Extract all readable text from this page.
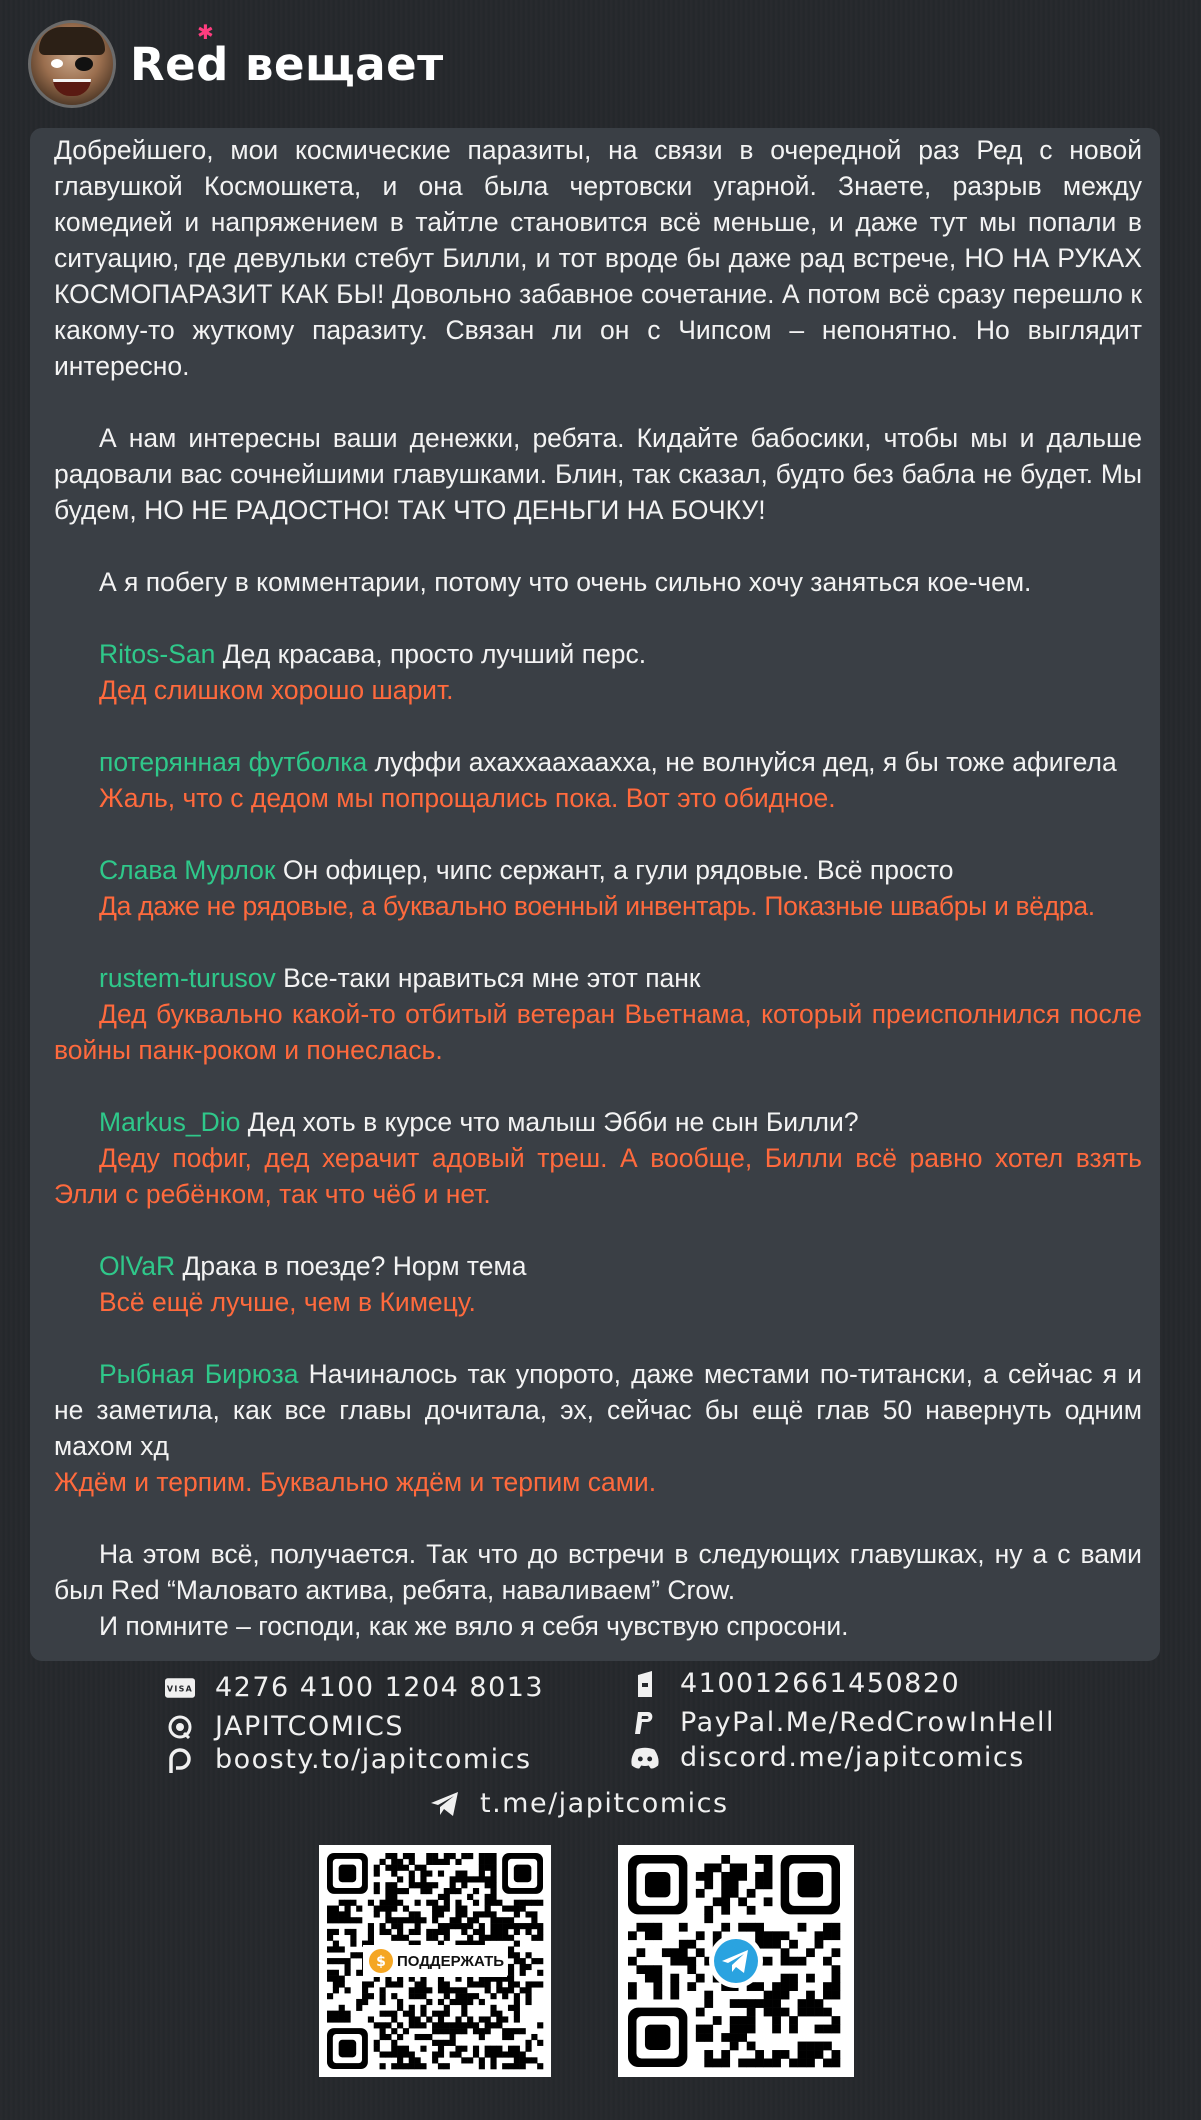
Red вещает
✱

Добрейшего, мои космические паразиты, на связи в очередной раз Ред с новой главушкой Космошкета, и она была чертовски угарной. Знаете, разрыв между комедией и напряжением в тайтле становится всё меньше, и даже тут мы попали в ситуацию, где девульки стебут Билли, и тот вроде бы даже рад встрече, НО НА РУКАХ КОСМОПАРАЗИТ КАК БЫ! Довольно забавное сочетание. А потом всё сразу перешло к какому-то жуткому паразиту. Связан ли он с Чипсом – непонятно. Но выглядит интересно.

А нам интересны ваши денежки, ребята. Кидайте бабосики, чтобы мы и дальше радовали вас сочнейшими главушками. Блин, так сказал, будто без бабла не будет. Мы будем, НО НЕ РАДОСТНО! ТАК ЧТО ДЕНЬГИ НА БОЧКУ!

А я побегу в комментарии, потому что очень сильно хочу заняться кое-чем.

Ritos-San Дед красава, просто лучший перс.

Дед слишком хорошо шарит.

потерянная футболка луффи ахаххаахааххa, не волнуйся дед, я бы тоже афигела

Жаль, что с дедом мы попрощались пока. Вот это обидное.

Слава Мурлок Он офицер, чипс сержант, а гули рядовые. Всё просто

Да даже не рядовые, а буквально военный инвентарь. Показные швабры и вёдра.

rustem-turusov Все-таки нравиться мне этот панк

Дед буквально какой-то отбитый ветеран Вьетнама, который преисполнился после войны панк-роком и понеслась.

Markus_Dio Дед хоть в курсе что малыш Эбби не сын Билли?

Деду пофиг, дед херачит адовый треш. А вообще, Билли всё равно хотел взять Элли с ребёнком, так что чёб и нет.

OlVaR Драка в поезде? Норм тема

Всё ещё лучше, чем в Кимецу.

Рыбная Бирюза Начиналось так упорото, даже местами по-титански, а сейчас я и не заметила, как все главы дочитала, эх, сейчас бы ещё глав 50 навернуть одним махом хд

Ждём и терпим. Буквально ждём и терпим сами.

На этом всё, получается. Так что до встречи в следующих главушках, ну а с вами был Red “Маловато актива, ребята, наваливаем” Crow.

И помните – господи, как же вяло я себя чувствую спросони.

VISA 4276 4100 1204 8013	410012661450820
JAPITCOMICS	PayPal.Me/RedCrowInHell
boosty.to/japitcomics	discord.me/japitcomics
t.me/japitcomics
$ ПОДДЕРЖАТЬ
